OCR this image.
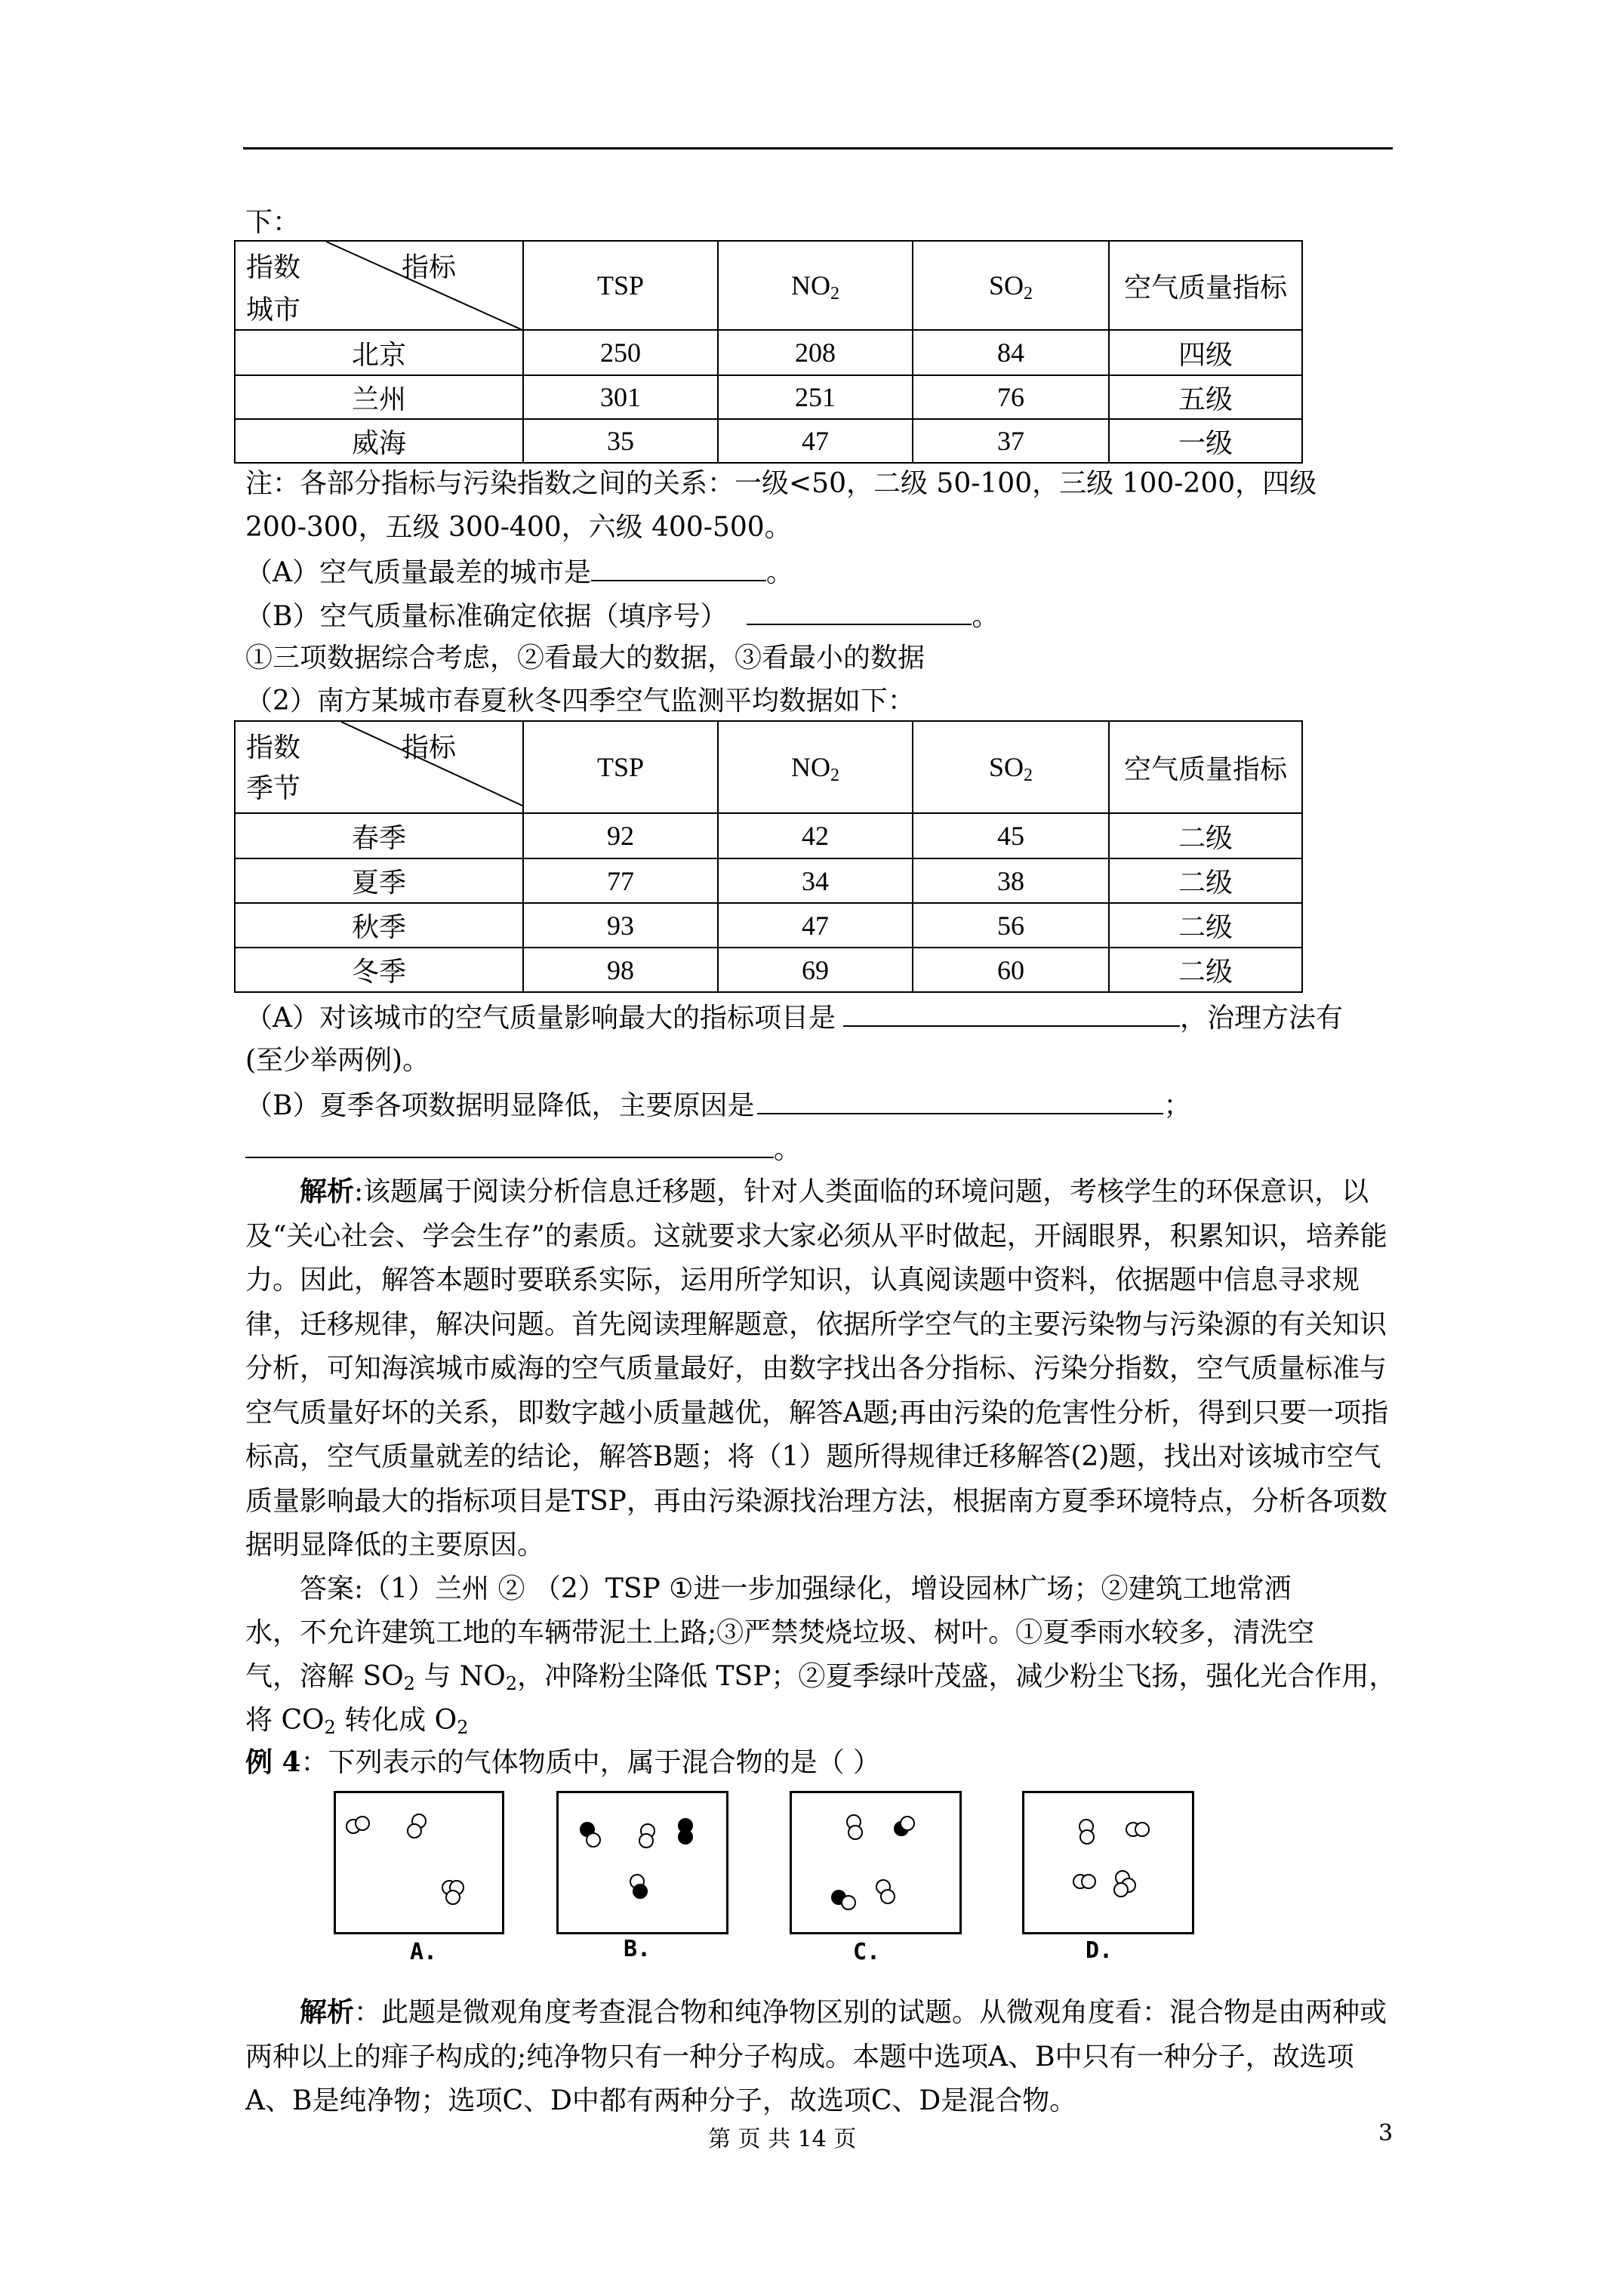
下：
指数 指标
城市	TSP	$NO_2$	$SO_2$	空气质量指标
北京	250	208	84	四级
兰州	301	251	76	五级
威海	35	47	37	一级
注：各部分指标与污染指数之间的关系：一级<50，二级 50-100，三级 100-200，四级
200-300，五级 300-400，六级 400-500。
（A）空气质量最差的城市是	。
（B）空气质量标准确定依据（填序号）	。
①三项数据综合考虑，②看最大的数据，③看最小的数据
（2）南方某城市春夏秋冬四季空气监测平均数据如下：
指数 指标
季节	TSP	$NO_2$	$SO_2$	空气质量指标
春季	92	42	45	二级
夏季	77	34	38	二级
秋季	93	47	56	二级
冬季	98	69	60	二级
（A）对该城市的空气质量影响最大的指标项目是	，治理方法有
(至少举两例)。
（B）夏季各项数据明显降低，主要原因是	；
。

解析:该题属于阅读分析信息迁移题，针对人类面临的环境问题，考核学生的环保意识，以及“关心社会、学会生存”的素质。这就要求大家必须从平时做起，开阔眼界，积累知识，培养能力。因此，解答本题时要联系实际，运用所学知识，认真阅读题中资料，依据题中信息寻求规律，迁移规律，解决问题。首先阅读理解题意，依据所学空气的主要污染物与污染源的有关知识分析，可知海滨城市威海的空气质量最好，由数字找出各分指标、污染分指数，空气质量标准与空气质量好坏的关系，即数字越小质量越优，解答A题;再由污染的危害性分析，得到只要一项指标高，空气质量就差的结论，解答B题；将（1）题所得规律迁移解答(2)题，找出对该城市空气质量影响最大的指标项目是TSP，再由污染源找治理方法，根据南方夏季环境特点，分析各项数据明显降低的主要原因。

答案:（1）兰州 ② （2）TSP ①进一步加强绿化，增设园林广场；②建筑工地常洒
水，不允许建筑工地的车辆带泥土上路;③严禁焚烧垃圾、树叶。①夏季雨水较多，清洗空
气，溶解 $SO_2$ 与 $NO_2$，冲降粉尘降低 TSP；②夏季绿叶茂盛，减少粉尘飞扬，强化光合作用，
将 $CO_2$ 转化成 $O_2$
例 4：下列表示的气体物质中，属于混合物的是（ ）
A.	B.	C.	D.

解析：此题是微观角度考查混合物和纯净物区别的试题。从微观角度看：混合物是由两种或两种以上的痱子构成的;纯净物只有一种分子构成。本题中选项A、B中只有一种分子，故选项A、B是纯净物；选项C、D中都有两种分子，故选项C、D是混合物。

第 页 共 14 页	3
